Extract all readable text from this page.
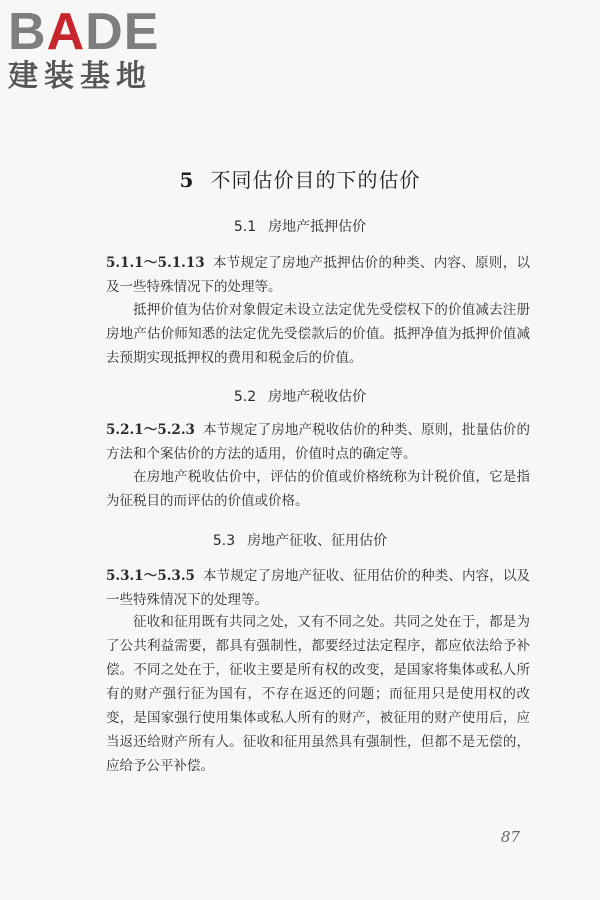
BADE
建装基地
5 不同估价目的下的估价
5.1 房地产抵押估价
5.1.1～5.1.13 本节规定了房地产抵押估价的种类、内容、原则，以及一些特殊情况下的处理等。
抵押价值为估价对象假定未设立法定优先受偿权下的价值减去注册房地产估价师知悉的法定优先受偿款后的价值。抵押净值为抵押价值减去预期实现抵押权的费用和税金后的价值。
5.2 房地产税收估价
5.2.1～5.2.3 本节规定了房地产税收估价的种类、原则，批量估价的方法和个案估价的方法的适用，价值时点的确定等。
在房地产税收估价中，评估的价值或价格统称为计税价值，它是指为征税目的而评估的价值或价格。
5.3 房地产征收、征用估价
5.3.1～5.3.5 本节规定了房地产征收、征用估价的种类、内容，以及一些特殊情况下的处理等。
征收和征用既有共同之处，又有不同之处。共同之处在于，都是为了公共利益需要，都具有强制性，都要经过法定程序，都应依法给予补偿。不同之处在于，征收主要是所有权的改变，是国家将集体或私人所有的财产强行征为国有，不存在返还的问题；而征用只是使用权的改变，是国家强行使用集体或私人所有的财产，被征用的财产使用后，应当返还给财产所有人。征收和征用虽然具有强制性，但都不是无偿的，应给予公平补偿。
87
